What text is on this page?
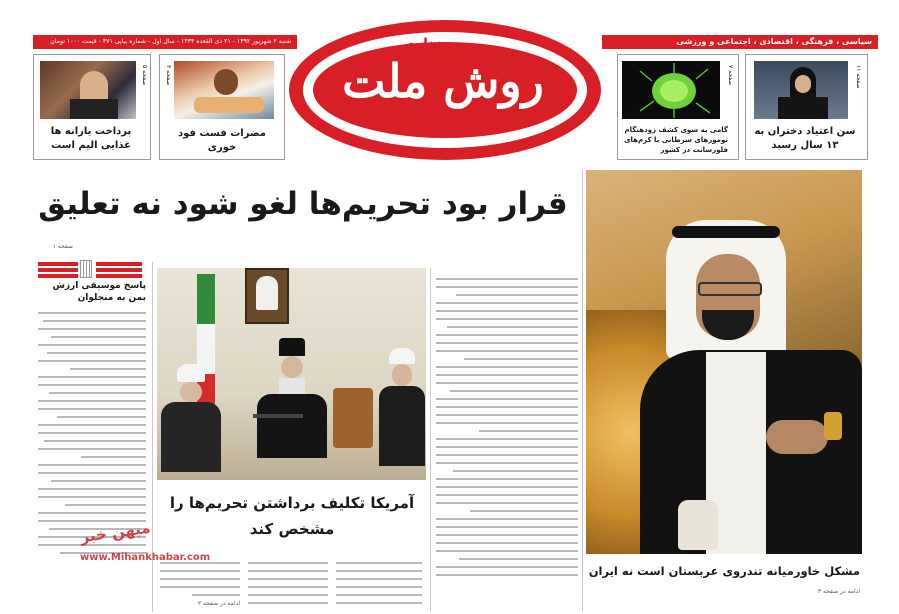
سیاسی ، فرهنگی ، اقتصادی ، اجتماعی و ورزشی
شنبه ۲ شهریور ۱۳۹۲ - ۲۱ ذی القعده ۱۴۳۴ - سال اول - شماره پیاپی ۳۷۱ - قیمت ۱۰۰۰ تومان
روش ملت
روزنامه
صفحه ۵
پرداخت یارانه ها غذایی الیم است
صفحه ۳
مضرات فست فود خوری
صفحه ۷
گامی به سوی کشف زودهنگام تومورهای سرطانی با کرم‌های فلورسانت در کشور
صفحه ۱۱
سن اعتیاد دختران به ۱۳ سال رسید
قرار بود تحریم‌ها لغو شود نه تعلیق
صفحه ۱
پاسخ موسیقی ارزش بمن به منجلوان
آمریکا تکلیف برداشتن تحریم‌ها را مشخص کند
ادامه در صفحه ۲
مشکل خاورمیانه تندروی عربستان است نه ایران
ادامه در صفحه ۳
میهن خبر
www.Mihankhabar.com
